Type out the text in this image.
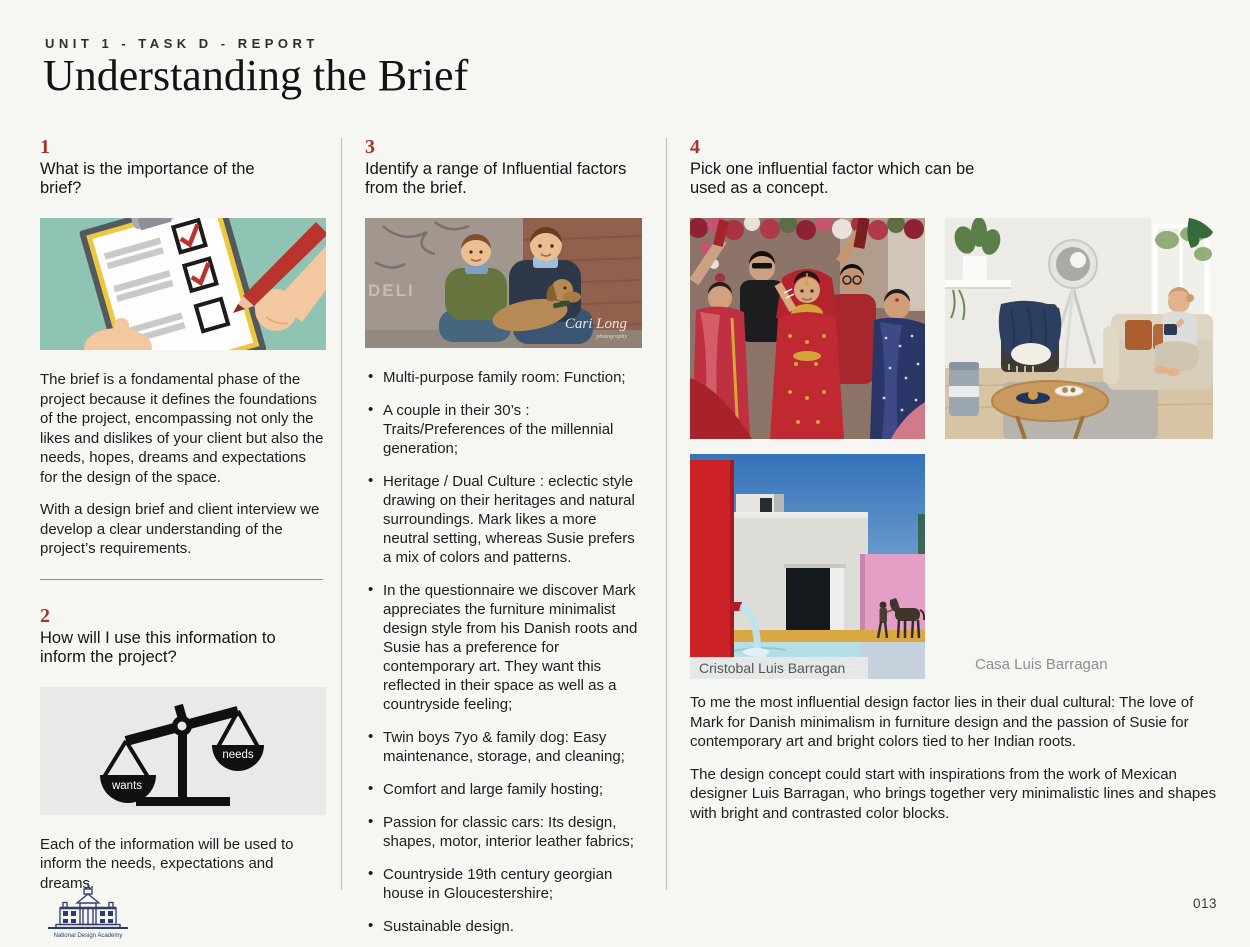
UNIT 1 - TASK D - REPORT
Understanding the Brief
1
What is the importance of the brief?

The brief is a fondamental phase of the project because it defines the foundations of the project, encompassing not only the likes and dislikes of your client but also the needs, hopes, dreams and expectations for the design of the space.

With a design brief and client interview we develop a clear understanding of the project’s requirements.

2
How will I use this information to inform the project?
wants
needs

Each of the information will be used to inform the needs, expectations and dreams.

3
Identify a range of Influential factors from the brief.
DELI
Cari Long
photography
• Multi-purpose family room: Function;
• A couple in their 30’s : Traits/Preferences of the millennial generation;
• Heritage / Dual Culture : eclectic style drawing on their heritages and natural surroundings. Mark likes a more neutral setting, whereas Susie prefers a mix of colors and patterns.
• In the questionnaire we discover Mark appreciates the furniture minimalist design style from his Danish roots and Susie has a preference for contemporary art. They want this reflected in their space as well as a countryside feeling;
• Twin boys 7yo & family dog: Easy maintenance, storage, and cleaning;
• Comfort and large family hosting;
• Passion for classic cars: Its design, shapes, motor, interior leather fabrics;
• Countryside 19th century georgian house in Gloucestershire;
• Sustainable design.
4
Pick one influential factor which can be used as a concept.
Cristobal Luis Barragan	Casa Luis Barragan

To me the most influential design factor lies in their dual cultural: The love of Mark for Danish minimalism in furniture design and the passion of Susie for contemporary art and bright colors tied to her Indian roots.

The design concept could start with inspirations from the work of Mexican designer Luis Barragan, who brings together very minimalistic lines and shapes with bright and contrasted color blocks.

National Design Academy
013
